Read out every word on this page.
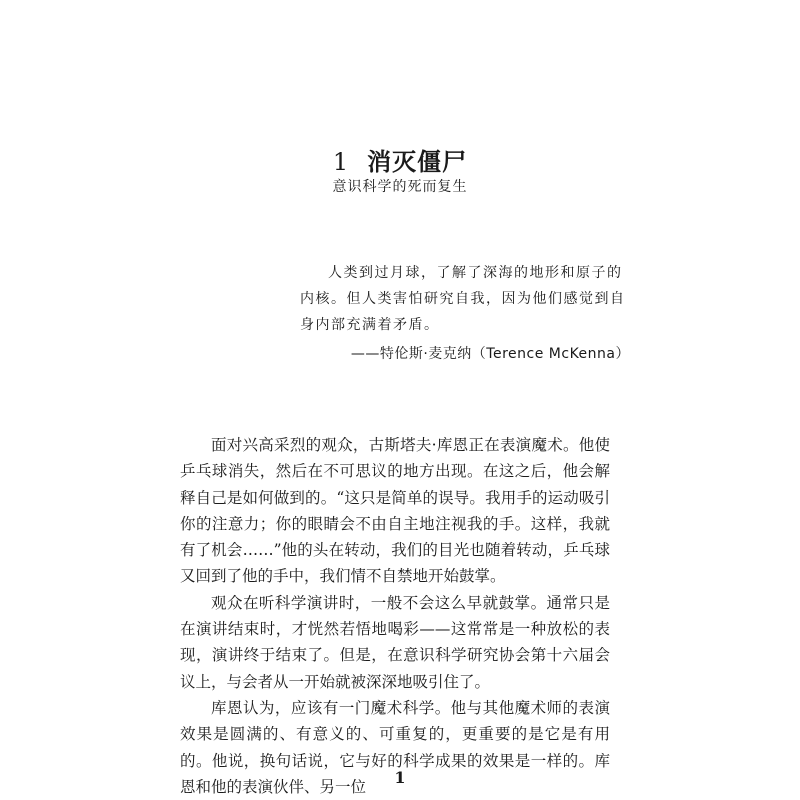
1 消灭僵尸
意识科学的死而复生

人类到过月球，了解了深海的地形和原子的内核。但人类害怕研究自我，因为他们感觉到自身内部充满着矛盾。

——特伦斯·麦克纳（Terence McKenna）

面对兴高采烈的观众，古斯塔夫·库恩正在表演魔术。他使乒乓球消失，然后在不可思议的地方出现。在这之后，他会解释自己是如何做到的。“这只是简单的误导。我用手的运动吸引你的注意力；你的眼睛会不由自主地注视我的手。这样，我就有了机会……”他的头在转动，我们的目光也随着转动，乒乓球又回到了他的手中，我们情不自禁地开始鼓掌。

观众在听科学演讲时，一般不会这么早就鼓掌。通常只是在演讲结束时，才恍然若悟地喝彩——这常常是一种放松的表现，演讲终于结束了。但是，在意识科学研究协会第十六届会议上，与会者从一开始就被深深地吸引住了。

库恩认为，应该有一门魔术科学。他与其他魔术师的表演效果是圆满的、有意义的、可重复的，更重要的是它是有用的。他说，换句话说，它与好的科学成果的效果是一样的。库恩和他的表演伙伴、另一位	1
